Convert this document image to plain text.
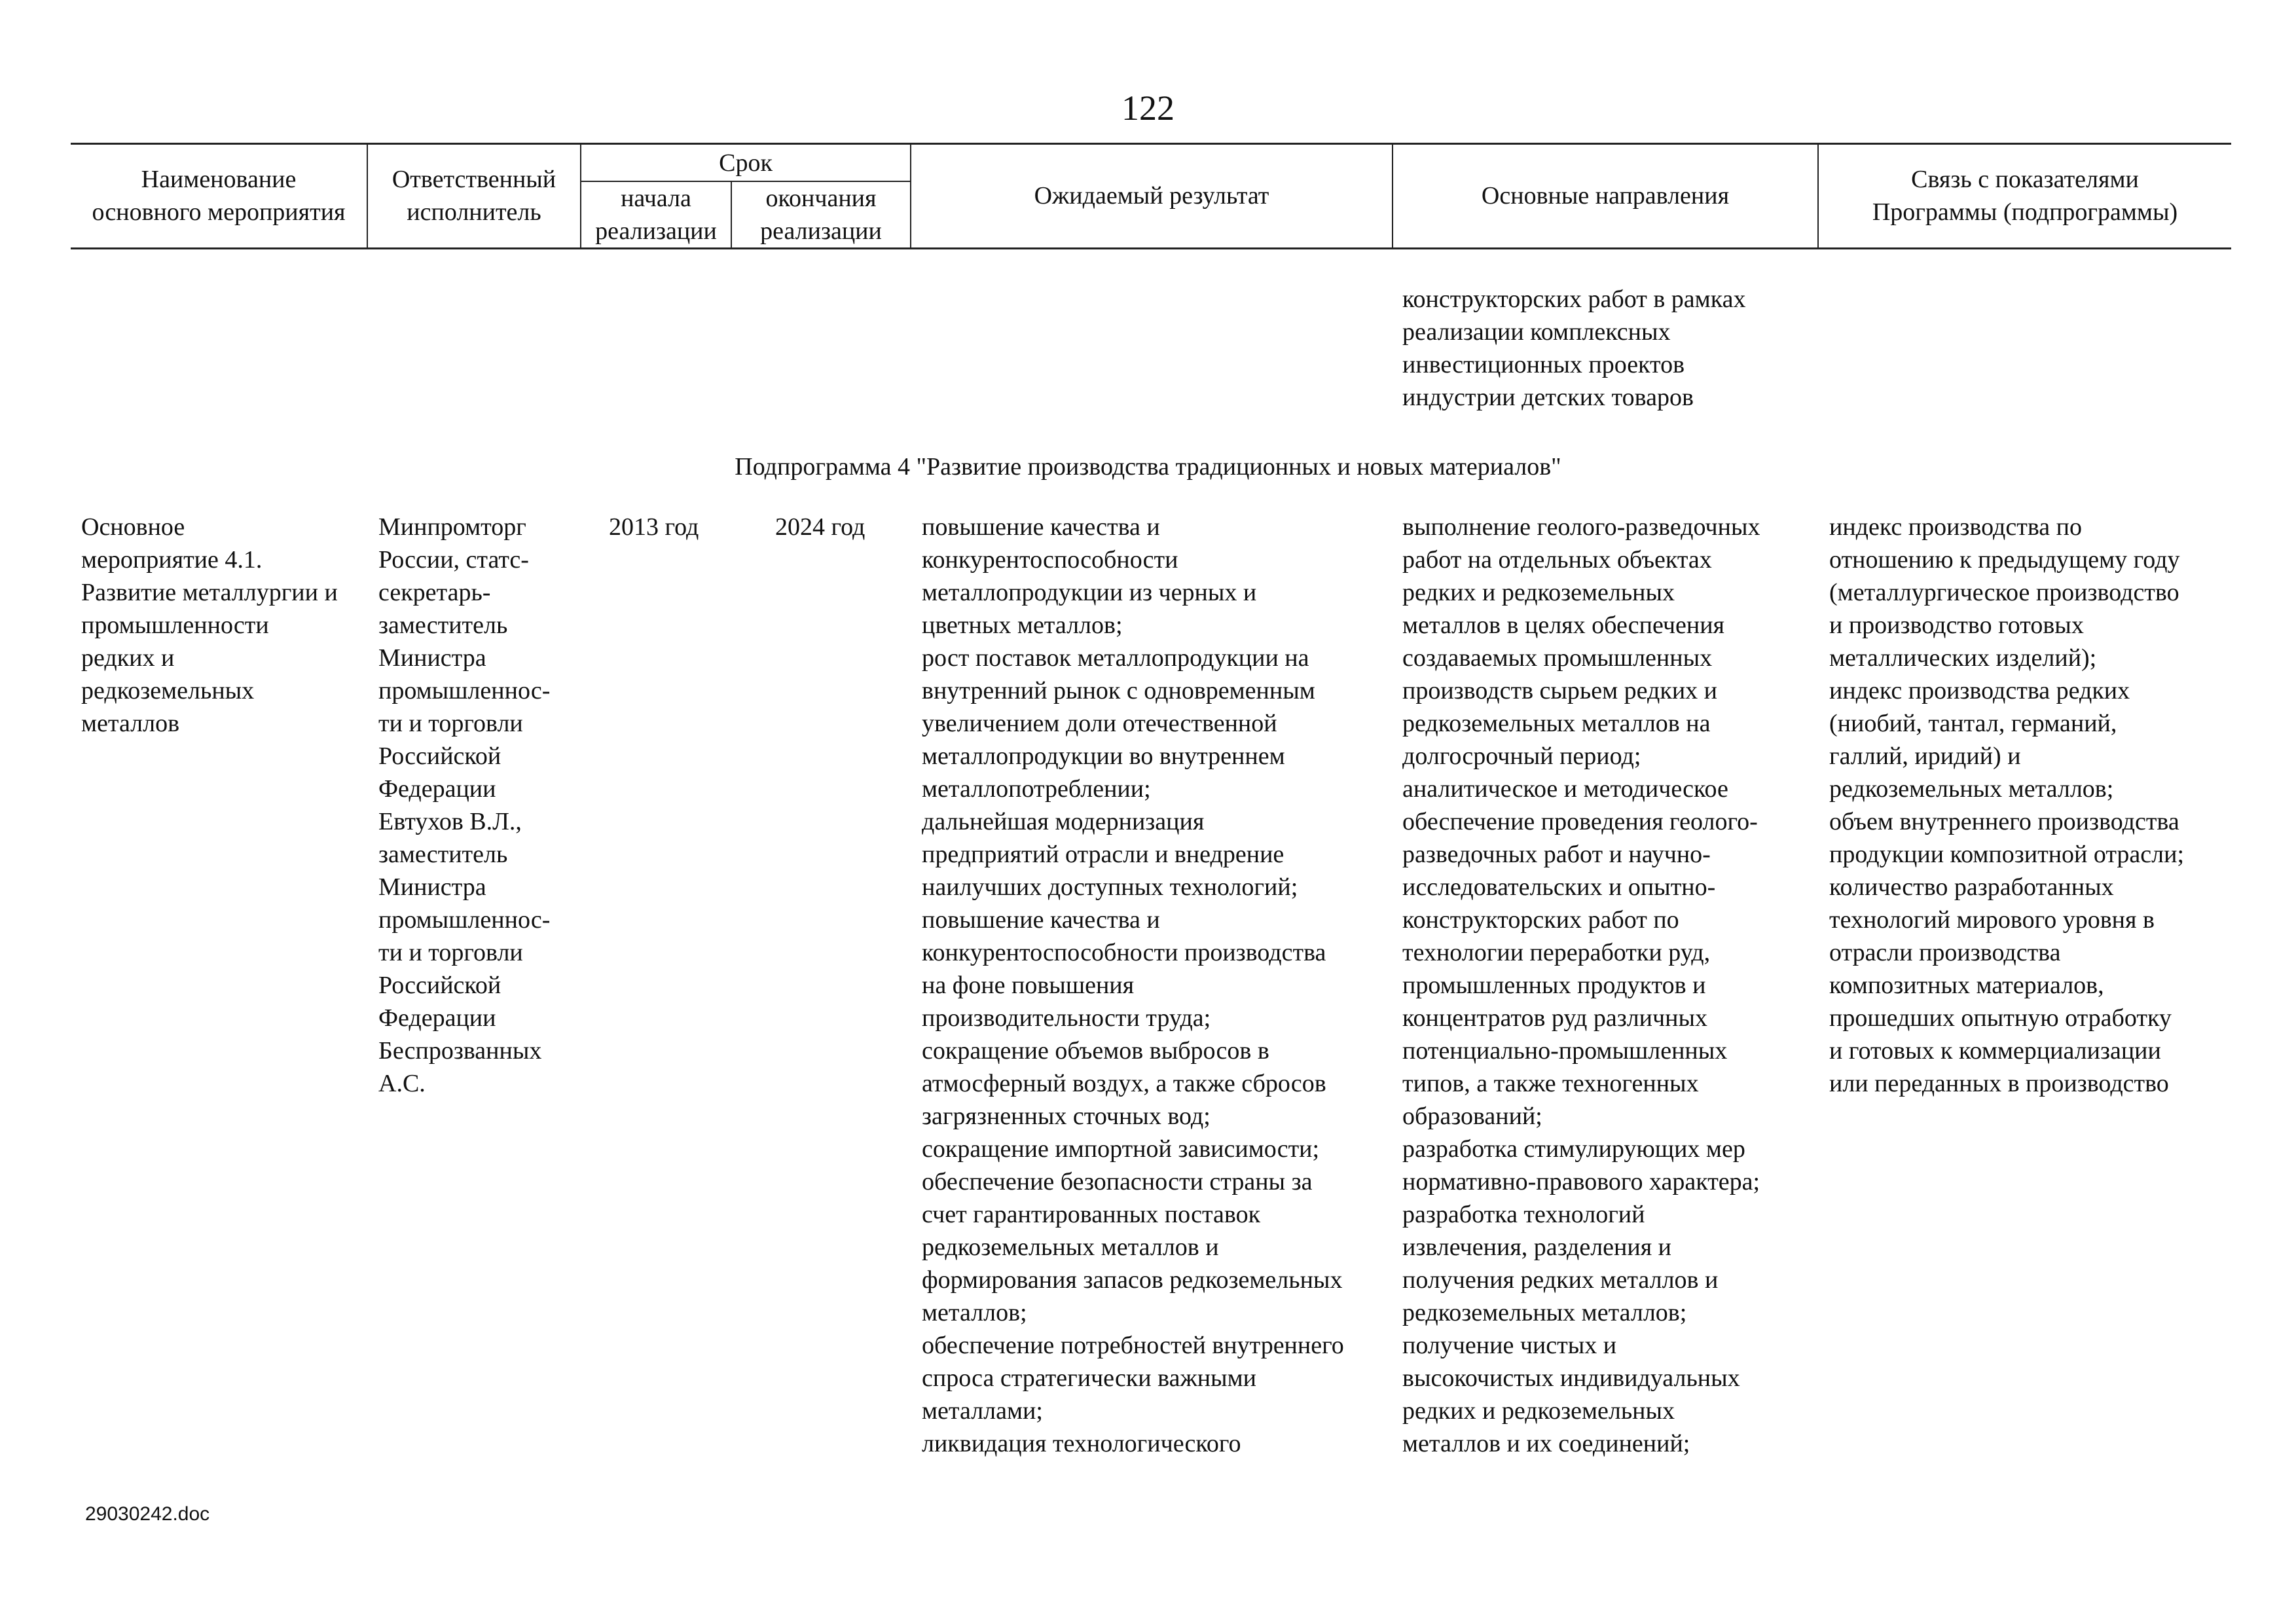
122
Наименование
основного мероприятия
Ответственный
исполнитель
Срок
начала
реализации
окончания
реализации
Ожидаемый результат	Основные направления
Связь с показателями
Программы (подпрограммы)
конструкторских работ в рамках
реализации комплексных
инвестиционных проектов
индустрии детских товаров
Подпрограмма 4 "Развитие производства традиционных и новых материалов"
Основное
мероприятие 4.1.
Развитие металлургии и
промышленности
редких и
редкоземельных
металлов
Минпромторг
России, статс-
секретарь-
заместитель
Министра
промышленнос-
ти и торговли
Российской
Федерации
Евтухов В.Л.,
заместитель
Министра
промышленнос-
ти и торговли
Российской
Федерации
Беспрозванных
А.С.
2013 год	2024 год повышение качества и
конкурентоспособности
металлопродукции из черных и
цветных металлов;
рост поставок металлопродукции на
внутренний рынок с одновременным
увеличением доли отечественной
металлопродукции во внутреннем
металлопотреблении;
дальнейшая модернизация
предприятий отрасли и внедрение
наилучших доступных технологий;
повышение качества и
конкурентоспособности производства
на фоне повышения
производительности труда;
сокращение объемов выбросов в
атмосферный воздух, а также сбросов
загрязненных сточных вод;
сокращение импортной зависимости;
обеспечение безопасности страны за
счет гарантированных поставок
редкоземельных металлов и
формирования запасов редкоземельных
металлов;
обеспечение потребностей внутреннего
спроса стратегически важными
металлами;
ликвидация технологического
выполнение геолого-разведочных
работ на отдельных объектах
редких и редкоземельных
металлов в целях обеспечения
создаваемых промышленных
производств сырьем редких и
редкоземельных металлов на
долгосрочный период;
аналитическое и методическое
обеспечение проведения геолого-
разведочных работ и научно-
исследовательских и опытно-
конструкторских работ по
технологии переработки руд,
промышленных продуктов и
концентратов руд различных
потенциально-промышленных
типов, а также техногенных
образований;
разработка стимулирующих мер
нормативно-правового характера;
разработка технологий
извлечения, разделения и
получения редких металлов и
редкоземельных металлов;
получение чистых и
высокочистых индивидуальных
редких и редкоземельных
металлов и их соединений;
индекс производства по
отношению к предыдущему году
(металлургическое производство
и производство готовых
металлических изделий);
индекс производства редких
(ниобий, тантал, германий,
галлий, иридий) и
редкоземельных металлов;
объем внутреннего производства
продукции композитной отрасли;
количество разработанных
технологий мирового уровня в
отрасли производства
композитных материалов,
прошедших опытную отработку
и готовых к коммерциализации
или переданных в производство
29030242.doc
